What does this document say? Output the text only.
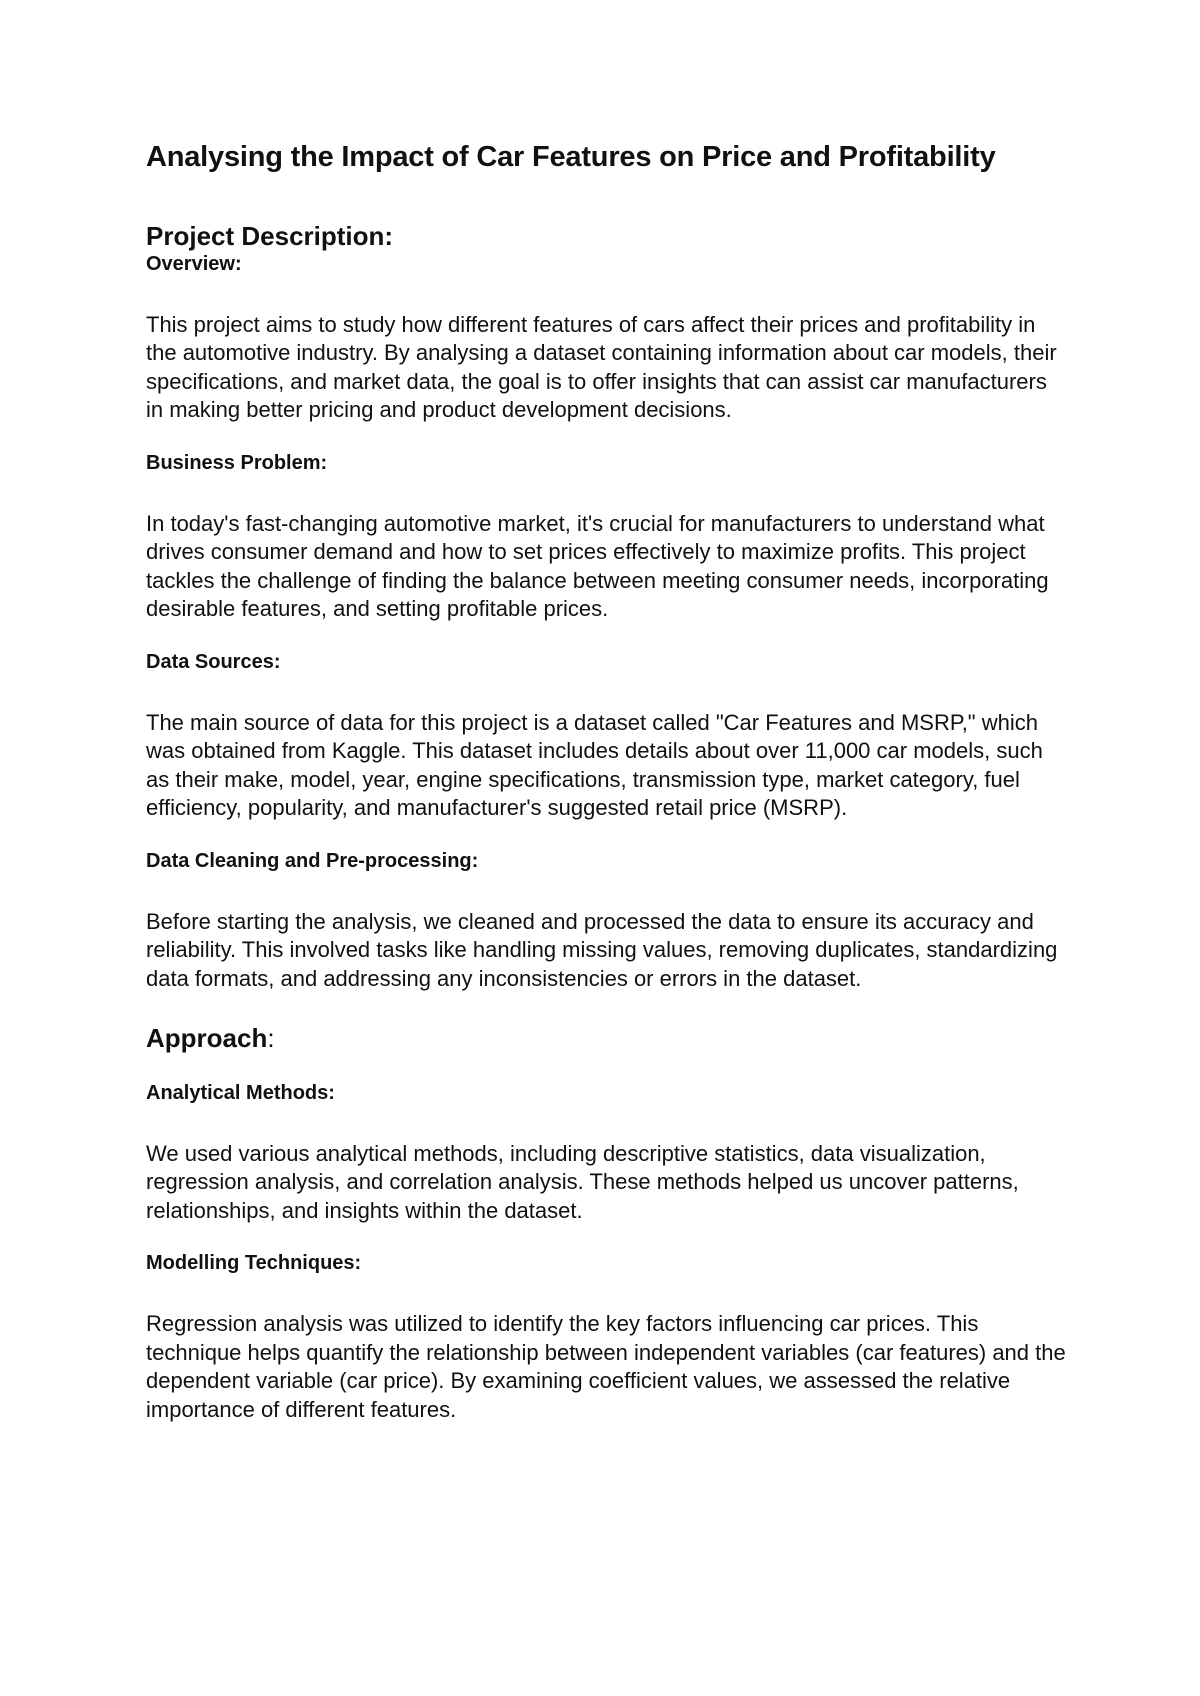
Analysing the Impact of Car Features on Price and Profitability
Project Description:
Overview:

This project aims to study how different features of cars affect their prices and profitability in the automotive industry. By analysing a dataset containing information about car models, their specifications, and market data, the goal is to offer insights that can assist car manufacturers in making better pricing and product development decisions.

Business Problem:

In today's fast-changing automotive market, it's crucial for manufacturers to understand what drives consumer demand and how to set prices effectively to maximize profits. This project tackles the challenge of finding the balance between meeting consumer needs, incorporating desirable features, and setting profitable prices.

Data Sources:

The main source of data for this project is a dataset called "Car Features and MSRP," which was obtained from Kaggle. This dataset includes details about over 11,000 car models, such as their make, model, year, engine specifications, transmission type, market category, fuel efficiency, popularity, and manufacturer's suggested retail price (MSRP).

Data Cleaning and Pre-processing:

Before starting the analysis, we cleaned and processed the data to ensure its accuracy and reliability. This involved tasks like handling missing values, removing duplicates, standardizing data formats, and addressing any inconsistencies or errors in the dataset.

Approach:
Analytical Methods:

We used various analytical methods, including descriptive statistics, data visualization, regression analysis, and correlation analysis. These methods helped us uncover patterns, relationships, and insights within the dataset.

Modelling Techniques:

Regression analysis was utilized to identify the key factors influencing car prices. This technique helps quantify the relationship between independent variables (car features) and the dependent variable (car price). By examining coefficient values, we assessed the relative importance of different features.
